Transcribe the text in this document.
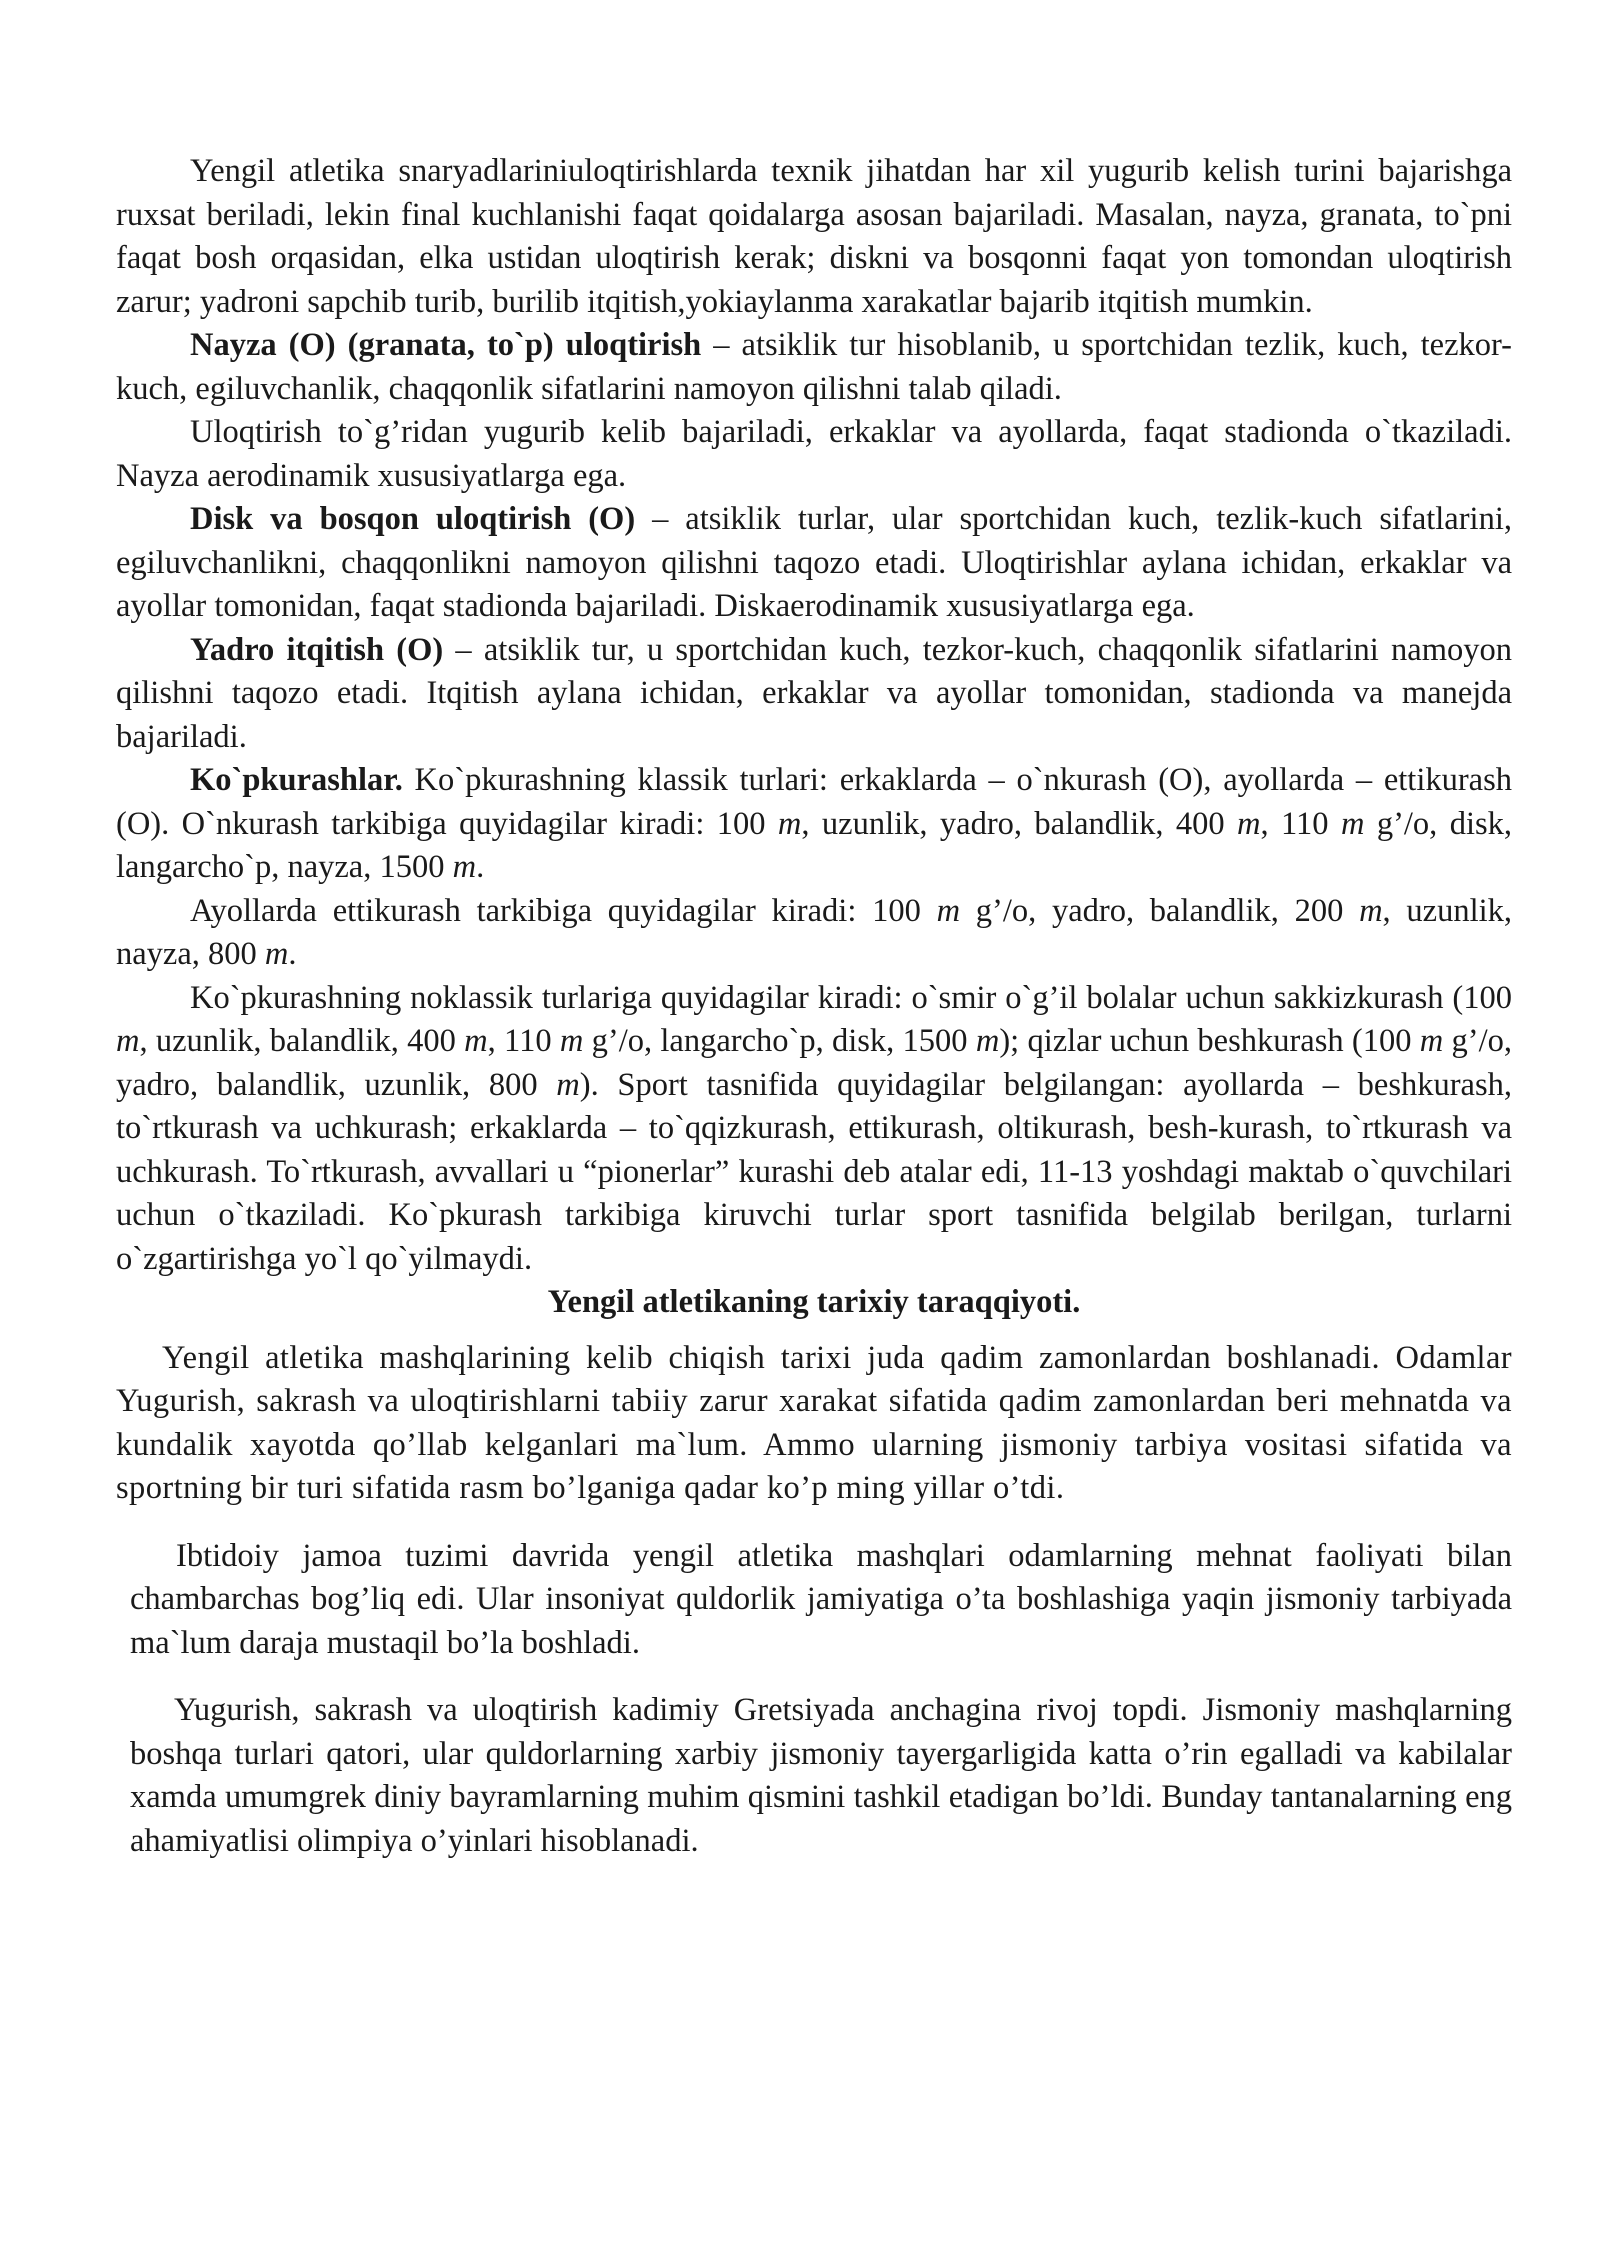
Yengil atletika snaryadlariniuloqtirishlarda texnik jihatdan har xil yugurib kelish turini bajarishga ruxsat beriladi, lekin final kuchlanishi faqat qoidalarga asosan bajariladi. Masalan, nayza, granata, to`pni faqat bosh orqasidan, elka ustidan uloqtirish kerak; diskni va bosqonni faqat yon tomondan uloqtirish zarur; yadroni sapchib turib, burilib itqitish,yokiaylanma xarakatlar bajarib itqitish mumkin.

Nayza (O) (granata, to`p) uloqtirish – atsiklik tur hisoblanib, u sportchidan tezlik, kuch, tezkor-kuch, egiluvchanlik, chaqqonlik sifatlarini namoyon qilishni talab qiladi.

Uloqtirish to`g’ridan yugurib kelib bajariladi, erkaklar va ayollarda, faqat stadionda o`tkaziladi. Nayza aerodinamik xususiyatlarga ega.

Disk va bosqon uloqtirish (O) – atsiklik turlar, ular sportchidan kuch, tezlik-kuch sifatlarini, egiluvchanlikni, chaqqonlikni namoyon qilishni taqozo etadi. Uloqtirishlar aylana ichidan, erkaklar va ayollar tomonidan, faqat stadionda bajariladi. Diskaerodinamik xususiyatlarga ega.

Yadro itqitish (O) – atsiklik tur, u sportchidan kuch, tezkor-kuch, chaqqonlik sifatlarini namoyon qilishni taqozo etadi. Itqitish aylana ichidan, erkaklar va ayollar tomonidan, stadionda va manejda bajariladi.

Ko`pkurashlar. Ko`pkurashning klassik turlari: erkaklarda – o`nkurash (O), ayollarda – ettikurash (O). O`nkurash tarkibiga quyidagilar kiradi: 100 m, uzunlik, yadro, balandlik, 400 m, 110 m g’/o, disk, langarcho`p, nayza, 1500 m.

Ayollarda ettikurash tarkibiga quyidagilar kiradi: 100 m g’/o, yadro, balandlik, 200 m, uzunlik, nayza, 800 m.

Ko`pkurashning noklassik turlariga quyidagilar kiradi: o`smir o`g’il bolalar uchun sakkizkurash (100 m, uzunlik, balandlik, 400 m, 110 m g’/o, langarcho`p, disk, 1500 m); qizlar uchun beshkurash (100 m g’/o, yadro, balandlik, uzunlik, 800 m). Sport tasnifida quyidagilar belgilangan: ayollarda – beshkurash, to`rtkurash va uchkurash; erkaklarda – to`qqizkurash, ettikurash, oltikurash, besh-kurash, to`rtkurash va uchkurash. To`rtkurash, avvallari u “pionerlar” kurashi deb atalar edi, 11-13 yoshdagi maktab o`quvchilari uchun o`tkaziladi. Ko`pkurash tarkibiga kiruvchi turlar sport tasnifida belgilab berilgan, turlarni o`zgartirishga yo`l qo`yilmaydi.

Yengil atletikaning tarixiy taraqqiyoti.

Yengil atletika mashqlarining kelib chiqish tarixi juda qadim zamonlardan boshlanadi. Odamlar Yugurish, sakrash va uloqtirishlarni tabiiy zarur xarakat sifatida qadim zamonlardan beri mehnatda va kundalik xayotda qo’llab kelganlari ma`lum. Ammo ularning jismoniy tarbiya vositasi sifatida va sportning bir turi sifatida rasm bo’lganiga qadar ko’p ming yillar o’tdi.

Ibtidoiy jamoa tuzimi davrida yengil atletika mashqlari odamlarning mehnat faoliyati bilan chambarchas bog’liq edi. Ular insoniyat quldorlik jamiyatiga o’ta boshlashiga yaqin jismoniy tarbiyada ma`lum daraja mustaqil bo’la boshladi.

Yugurish, sakrash va uloqtirish kadimiy Gretsiyada anchagina rivoj topdi. Jismoniy mashqlarning boshqa turlari qatori, ular quldorlarning xarbiy jismoniy tayergarligida katta o’rin egalladi va kabilalar xamda umumgrek diniy bayramlarning muhim qismini tashkil etadigan bo’ldi. Bunday tantanalarning eng ahamiyatlisi olimpiya o’yinlari hisoblanadi.
